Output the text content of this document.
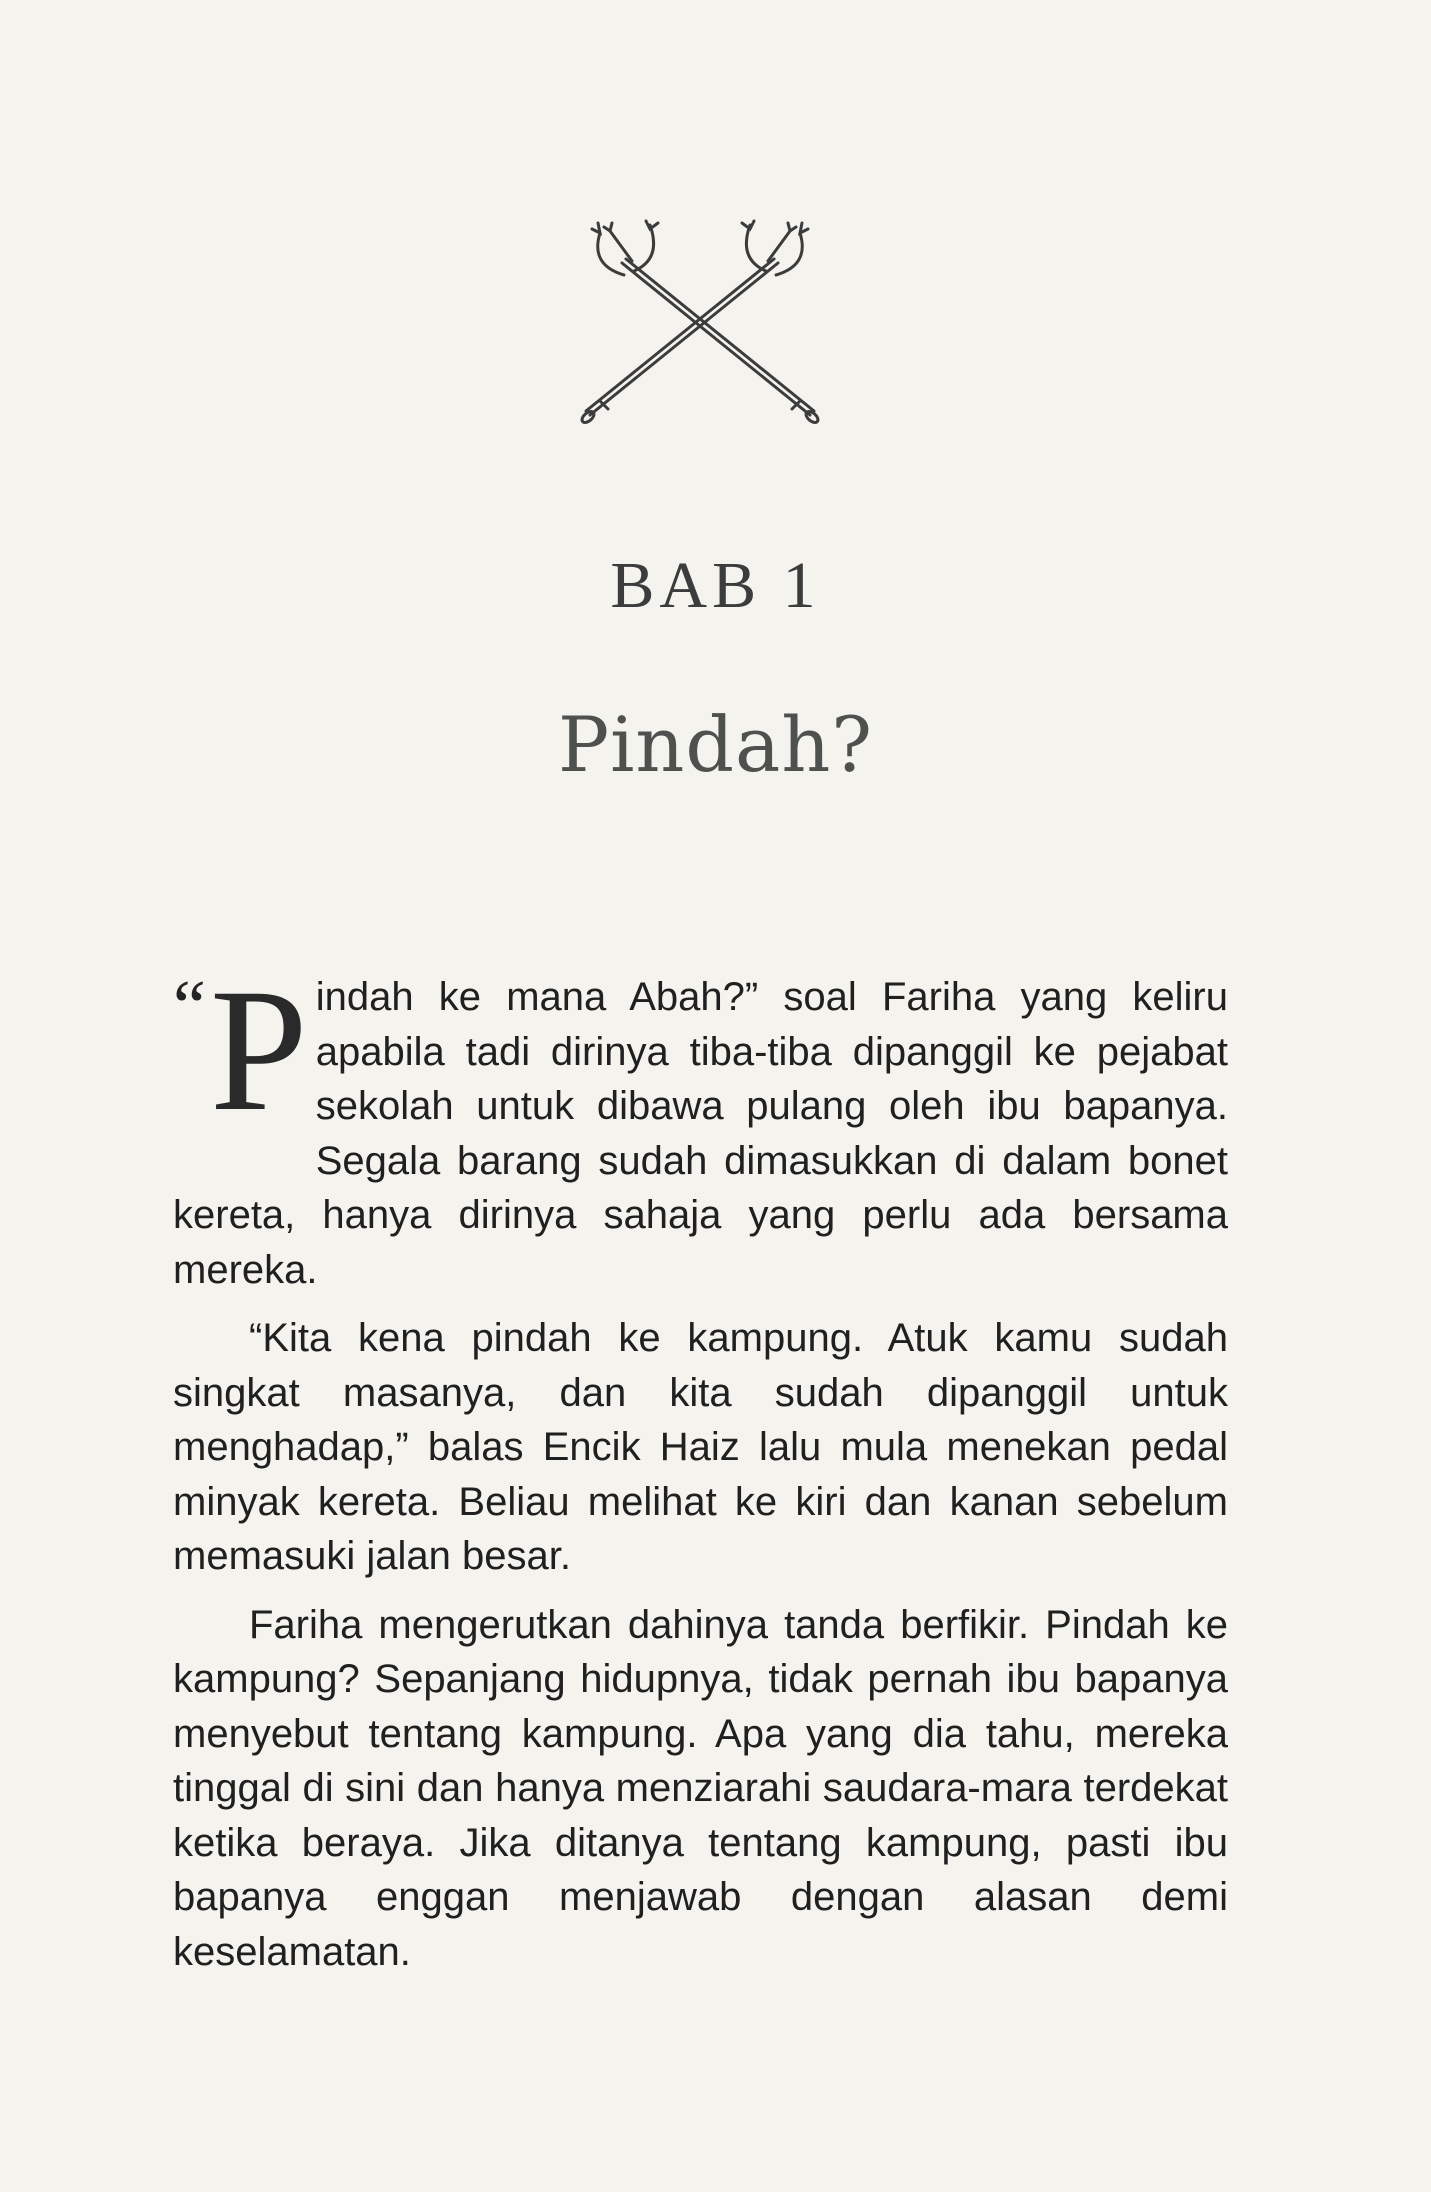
BAB 1
Pindah?

“ P indah ke mana Abah?” soal Fariha yang keliru apabila tadi dirinya tiba-tiba dipanggil ke pejabat sekolah untuk dibawa pulang oleh ibu bapanya. Segala barang sudah dimasukkan di dalam bonet kereta, hanya dirinya sahaja yang perlu ada bersama mereka.

“Kita kena pindah ke kampung. Atuk kamu sudah singkat masanya, dan kita sudah dipanggil untuk menghadap,” balas Encik Haiz lalu mula menekan pedal minyak kereta. Beliau melihat ke kiri dan kanan sebelum memasuki jalan besar.

Fariha mengerutkan dahinya tanda berfikir. Pindah ke kampung? Sepanjang hidupnya, tidak pernah ibu bapanya menyebut tentang kampung. Apa yang dia tahu, mereka tinggal di sini dan hanya menziarahi saudara-mara terdekat ketika beraya. Jika ditanya tentang kampung, pasti ibu bapanya enggan menjawab dengan alasan demi keselamatan.
